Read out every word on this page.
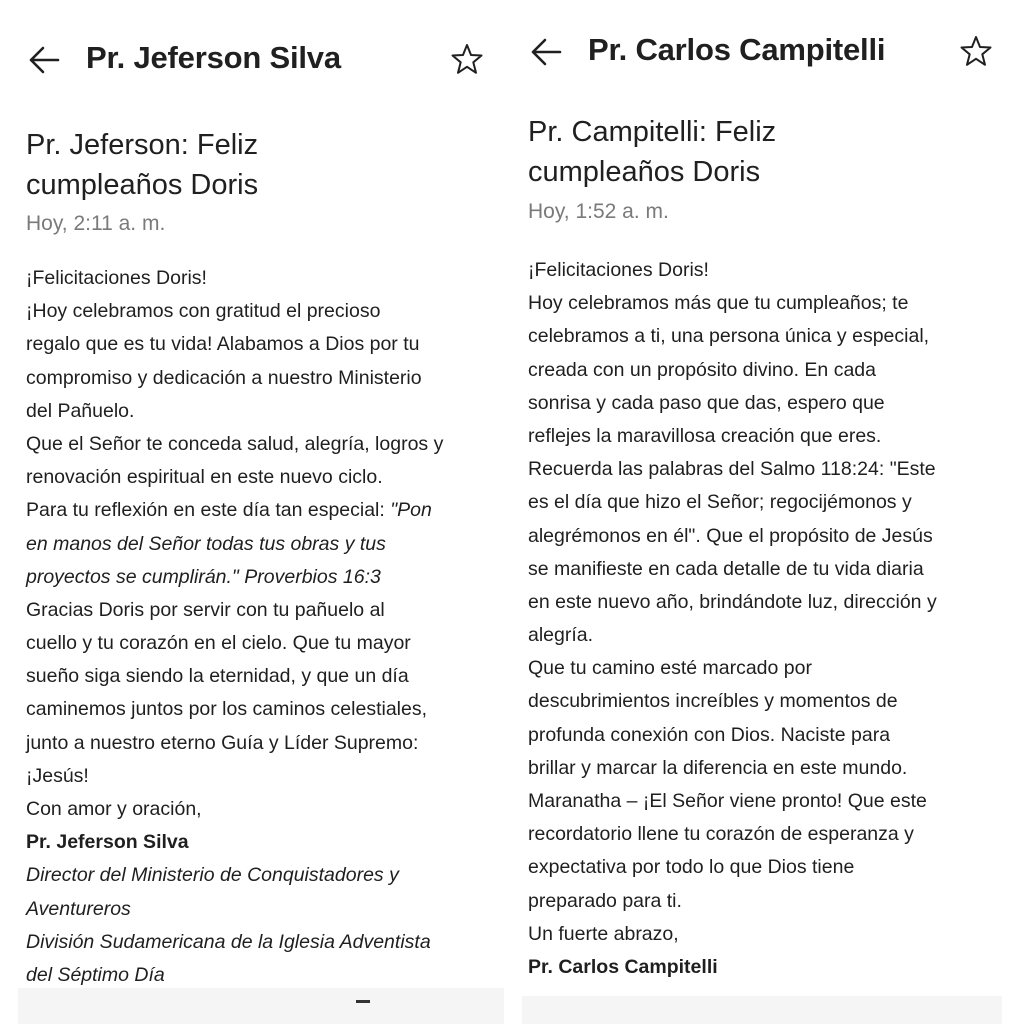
Pr. Jeferson Silva
Pr. Jeferson: Feliz
cumpleaños Doris
Hoy, 2:11 a. m.
¡Felicitaciones Doris!
¡Hoy celebramos con gratitud el precioso
regalo que es tu vida! Alabamos a Dios por tu
compromiso y dedicación a nuestro Ministerio
del Pañuelo.
Que el Señor te conceda salud, alegría, logros y
renovación espiritual en este nuevo ciclo.
Para tu reflexión en este día tan especial: "Pon
en manos del Señor todas tus obras y tus
proyectos se cumplirán." Proverbios 16:3
Gracias Doris por servir con tu pañuelo al
cuello y tu corazón en el cielo. Que tu mayor
sueño siga siendo la eternidad, y que un día
caminemos juntos por los caminos celestiales,
junto a nuestro eterno Guía y Líder Supremo:
¡Jesús!
Con amor y oración,
Pr. Jeferson Silva
Director del Ministerio de Conquistadores y
Aventureros
División Sudamericana de la Iglesia Adventista
del Séptimo Día
Pr. Carlos Campitelli
Pr. Campitelli: Feliz
cumpleaños Doris
Hoy, 1:52 a. m.
¡Felicitaciones Doris!
Hoy celebramos más que tu cumpleaños; te
celebramos a ti, una persona única y especial,
creada con un propósito divino. En cada
sonrisa y cada paso que das, espero que
reflejes la maravillosa creación que eres.
Recuerda las palabras del Salmo 118:24: "Este
es el día que hizo el Señor; regocijémonos y
alegrémonos en él". Que el propósito de Jesús
se manifieste en cada detalle de tu vida diaria
en este nuevo año, brindándote luz, dirección y
alegría.
Que tu camino esté marcado por
descubrimientos increíbles y momentos de
profunda conexión con Dios. Naciste para
brillar y marcar la diferencia en este mundo.
Maranatha – ¡El Señor viene pronto! Que este
recordatorio llene tu corazón de esperanza y
expectativa por todo lo que Dios tiene
preparado para ti.
Un fuerte abrazo,
Pr. Carlos Campitelli
